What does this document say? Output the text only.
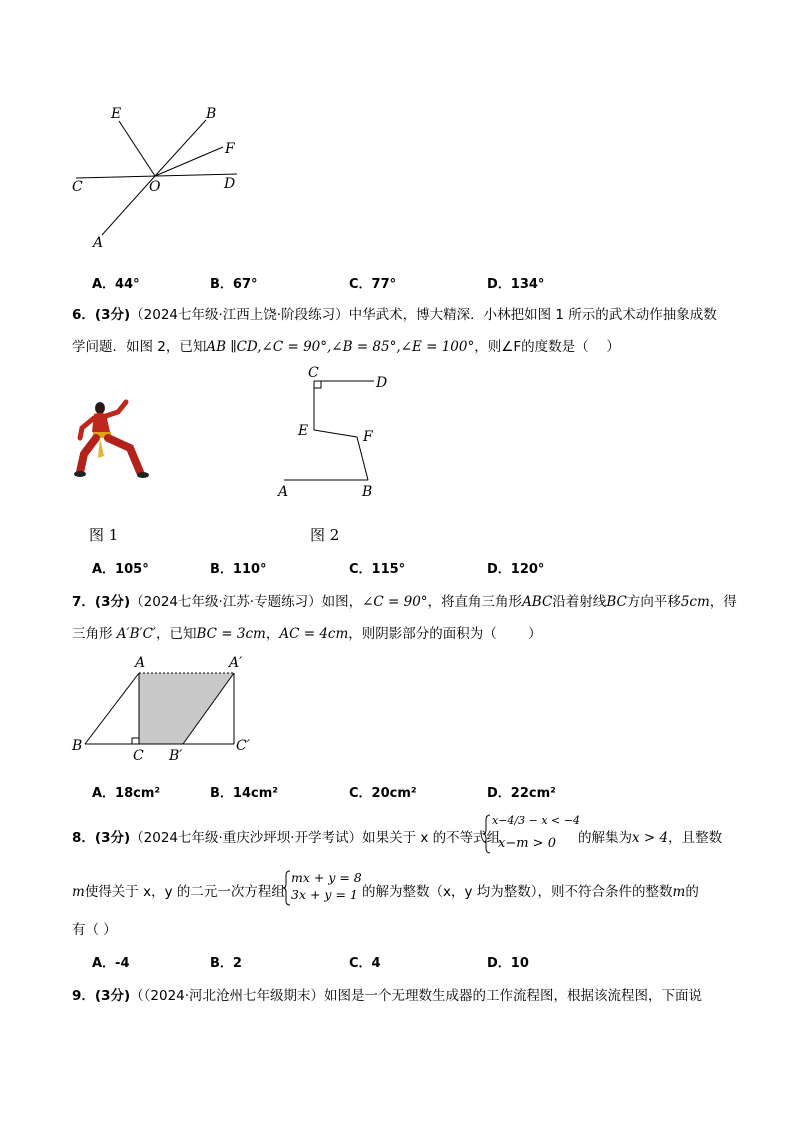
E	B
F
C	O	D
A
A．44°	B．67°	C．77°	D．134°
6．(3分)（2024七年级·江西上饶·阶段练习）中华武术，博大精深．小林把如图 1 所示的武术动作抽象成数
学问题．如图 2，已知AB ∥CD,∠C = 90°,∠B = 85°,∠E = 100°，则∠F的度数是（　 ）
C
D
E	F
A	B
图 1	图 2
A．105°	B．110°	C．115°	D．120°
7．(3分)（2024七年级·江苏·专题练习）如图，∠C = 90°，将直角三角形ABC沿着射线BC方向平移5cm，得
三角形 A′B′C′，已知BC = 3cm，AC = 4cm，则阴影部分的面积为（　 　）
A	A′
B
C B′
C′
A．18cm²	B．14cm²	C．20cm²	D．22cm²
8．(3分)（2024七年级·重庆沙坪坝·开学考试）如果关于 x 的不等式组
x−4/3 − x < −4
x−m > 0 的解集为x > 4，且整数
m使得关于 x，y 的二元一次方程组
mx + y = 8
3x + y = 1 的解为整数（x，y 均为整数），则不符合条件的整数m的
有（ ）
A．-4	B．2	C．4	D．10
9．(3分)（（2024·河北沧州七年级期末）如图是一个无理数生成器的工作流程图，根据该流程图，下面说
